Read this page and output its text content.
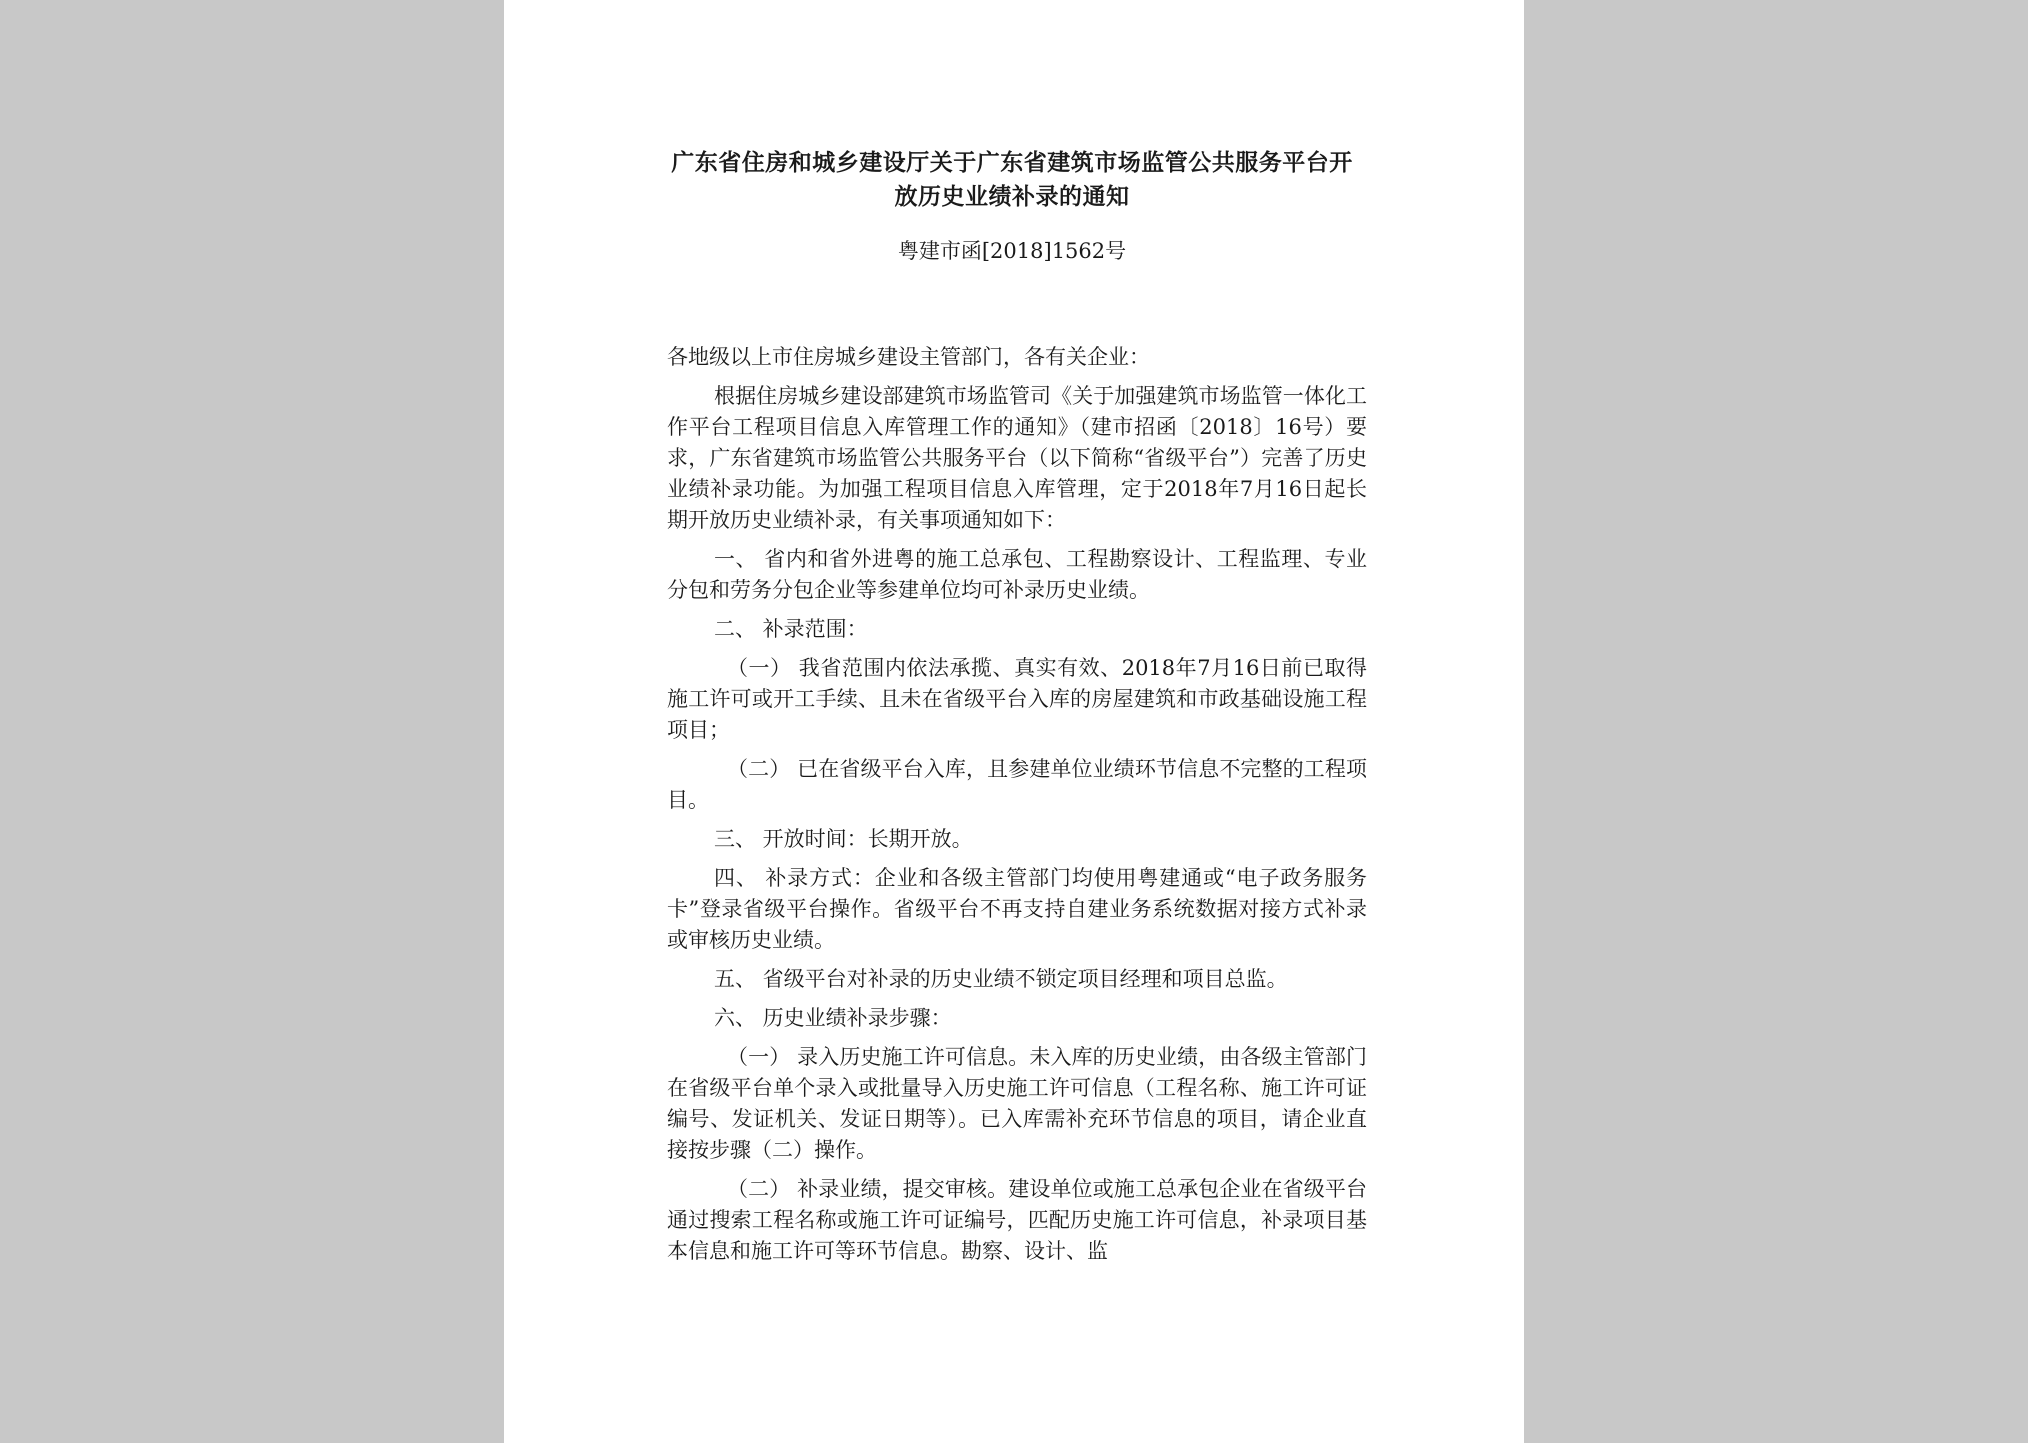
广东省住房和城乡建设厅关于广东省建筑市场监管公共服务平台开放历史业绩补录的通知
粤建市函[2018]1562号

各地级以上市住房城乡建设主管部门，各有关企业：

根据住房城乡建设部建筑市场监管司《关于加强建筑市场监管一体化工作平台工程项目信息入库管理工作的通知》（建市招函〔2018〕16号）要求，广东省建筑市场监管公共服务平台（以下简称“省级平台”）完善了历史业绩补录功能。为加强工程项目信息入库管理，定于2018年7月16日起长期开放历史业绩补录，有关事项通知如下：

一、 省内和省外进粤的施工总承包、工程勘察设计、工程监理、专业分包和劳务分包企业等参建单位均可补录历史业绩。

二、 补录范围：

（一） 我省范围内依法承揽、真实有效、2018年7月16日前已取得施工许可或开工手续、且未在省级平台入库的房屋建筑和市政基础设施工程项目；

（二） 已在省级平台入库，且参建单位业绩环节信息不完整的工程项目。

三、 开放时间：长期开放。

四、 补录方式：企业和各级主管部门均使用粤建通或“电子政务服务卡”登录省级平台操作。省级平台不再支持自建业务系统数据对接方式补录或审核历史业绩。

五、 省级平台对补录的历史业绩不锁定项目经理和项目总监。

六、 历史业绩补录步骤：

（一） 录入历史施工许可信息。未入库的历史业绩，由各级主管部门在省级平台单个录入或批量导入历史施工许可信息（工程名称、施工许可证编号、发证机关、发证日期等）。已入库需补充环节信息的项目，请企业直接按步骤（二）操作。

（二） 补录业绩，提交审核。建设单位或施工总承包企业在省级平台通过搜索工程名称或施工许可证编号，匹配历史施工许可信息，补录项目基本信息和施工许可等环节信息。勘察、设计、监
